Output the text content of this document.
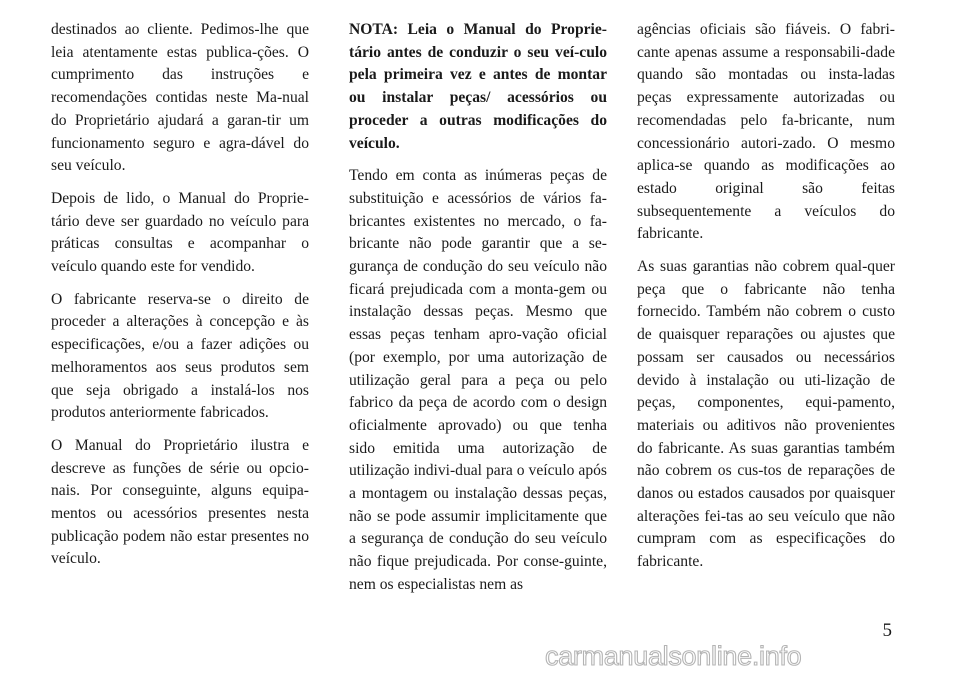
destinados ao cliente. Pedimos-lhe que leia atentamente estas publica-ções. O cumprimento das instruções e recomendações contidas neste Ma-nual do Proprietário ajudará a garan-tir um funcionamento seguro e agra-dável do seu veículo.

Depois de lido, o Manual do Proprie-tário deve ser guardado no veículo para práticas consultas e acompanhar o veículo quando este for vendido.

O fabricante reserva-se o direito de proceder a alterações à concepção e às especificações, e/ou a fazer adições ou melhoramentos aos seus produtos sem que seja obrigado a instalá-los nos produtos anteriormente fabricados.

O Manual do Proprietário ilustra e descreve as funções de série ou opcio-nais. Por conseguinte, alguns equipa-mentos ou acessórios presentes nesta publicação podem não estar presentes no veículo.

NOTA: Leia o Manual do Proprie-tário antes de conduzir o seu veí-culo pela primeira vez e antes de montar ou instalar peças/ acessórios ou proceder a outras modificações do veículo.

Tendo em conta as inúmeras peças de substituição e acessórios de vários fa-bricantes existentes no mercado, o fa-bricante não pode garantir que a se-gurança de condução do seu veículo não ficará prejudicada com a monta-gem ou instalação dessas peças. Mesmo que essas peças tenham apro-vação oficial (por exemplo, por uma autorização de utilização geral para a peça ou pelo fabrico da peça de acordo com o design oficialmente aprovado) ou que tenha sido emitida uma autorização de utilização indivi-dual para o veículo após a montagem ou instalação dessas peças, não se pode assumir implicitamente que a segurança de condução do seu veículo não fique prejudicada. Por conse-guinte, nem os especialistas nem as

agências oficiais são fiáveis. O fabri-cante apenas assume a responsabili-dade quando são montadas ou insta-ladas peças expressamente autorizadas ou recomendadas pelo fa-bricante, num concessionário autori-zado. O mesmo aplica-se quando as modificações ao estado original são feitas subsequentemente a veículos do fabricante.

As suas garantias não cobrem qual-quer peça que o fabricante não tenha fornecido. Também não cobrem o custo de quaisquer reparações ou ajustes que possam ser causados ou necessários devido à instalação ou uti-lização de peças, componentes, equi-pamento, materiais ou aditivos não provenientes do fabricante. As suas garantias também não cobrem os cus-tos de reparações de danos ou estados causados por quaisquer alterações fei-tas ao seu veículo que não cumpram com as especificações do fabricante.

5
carmanualsonline.info
